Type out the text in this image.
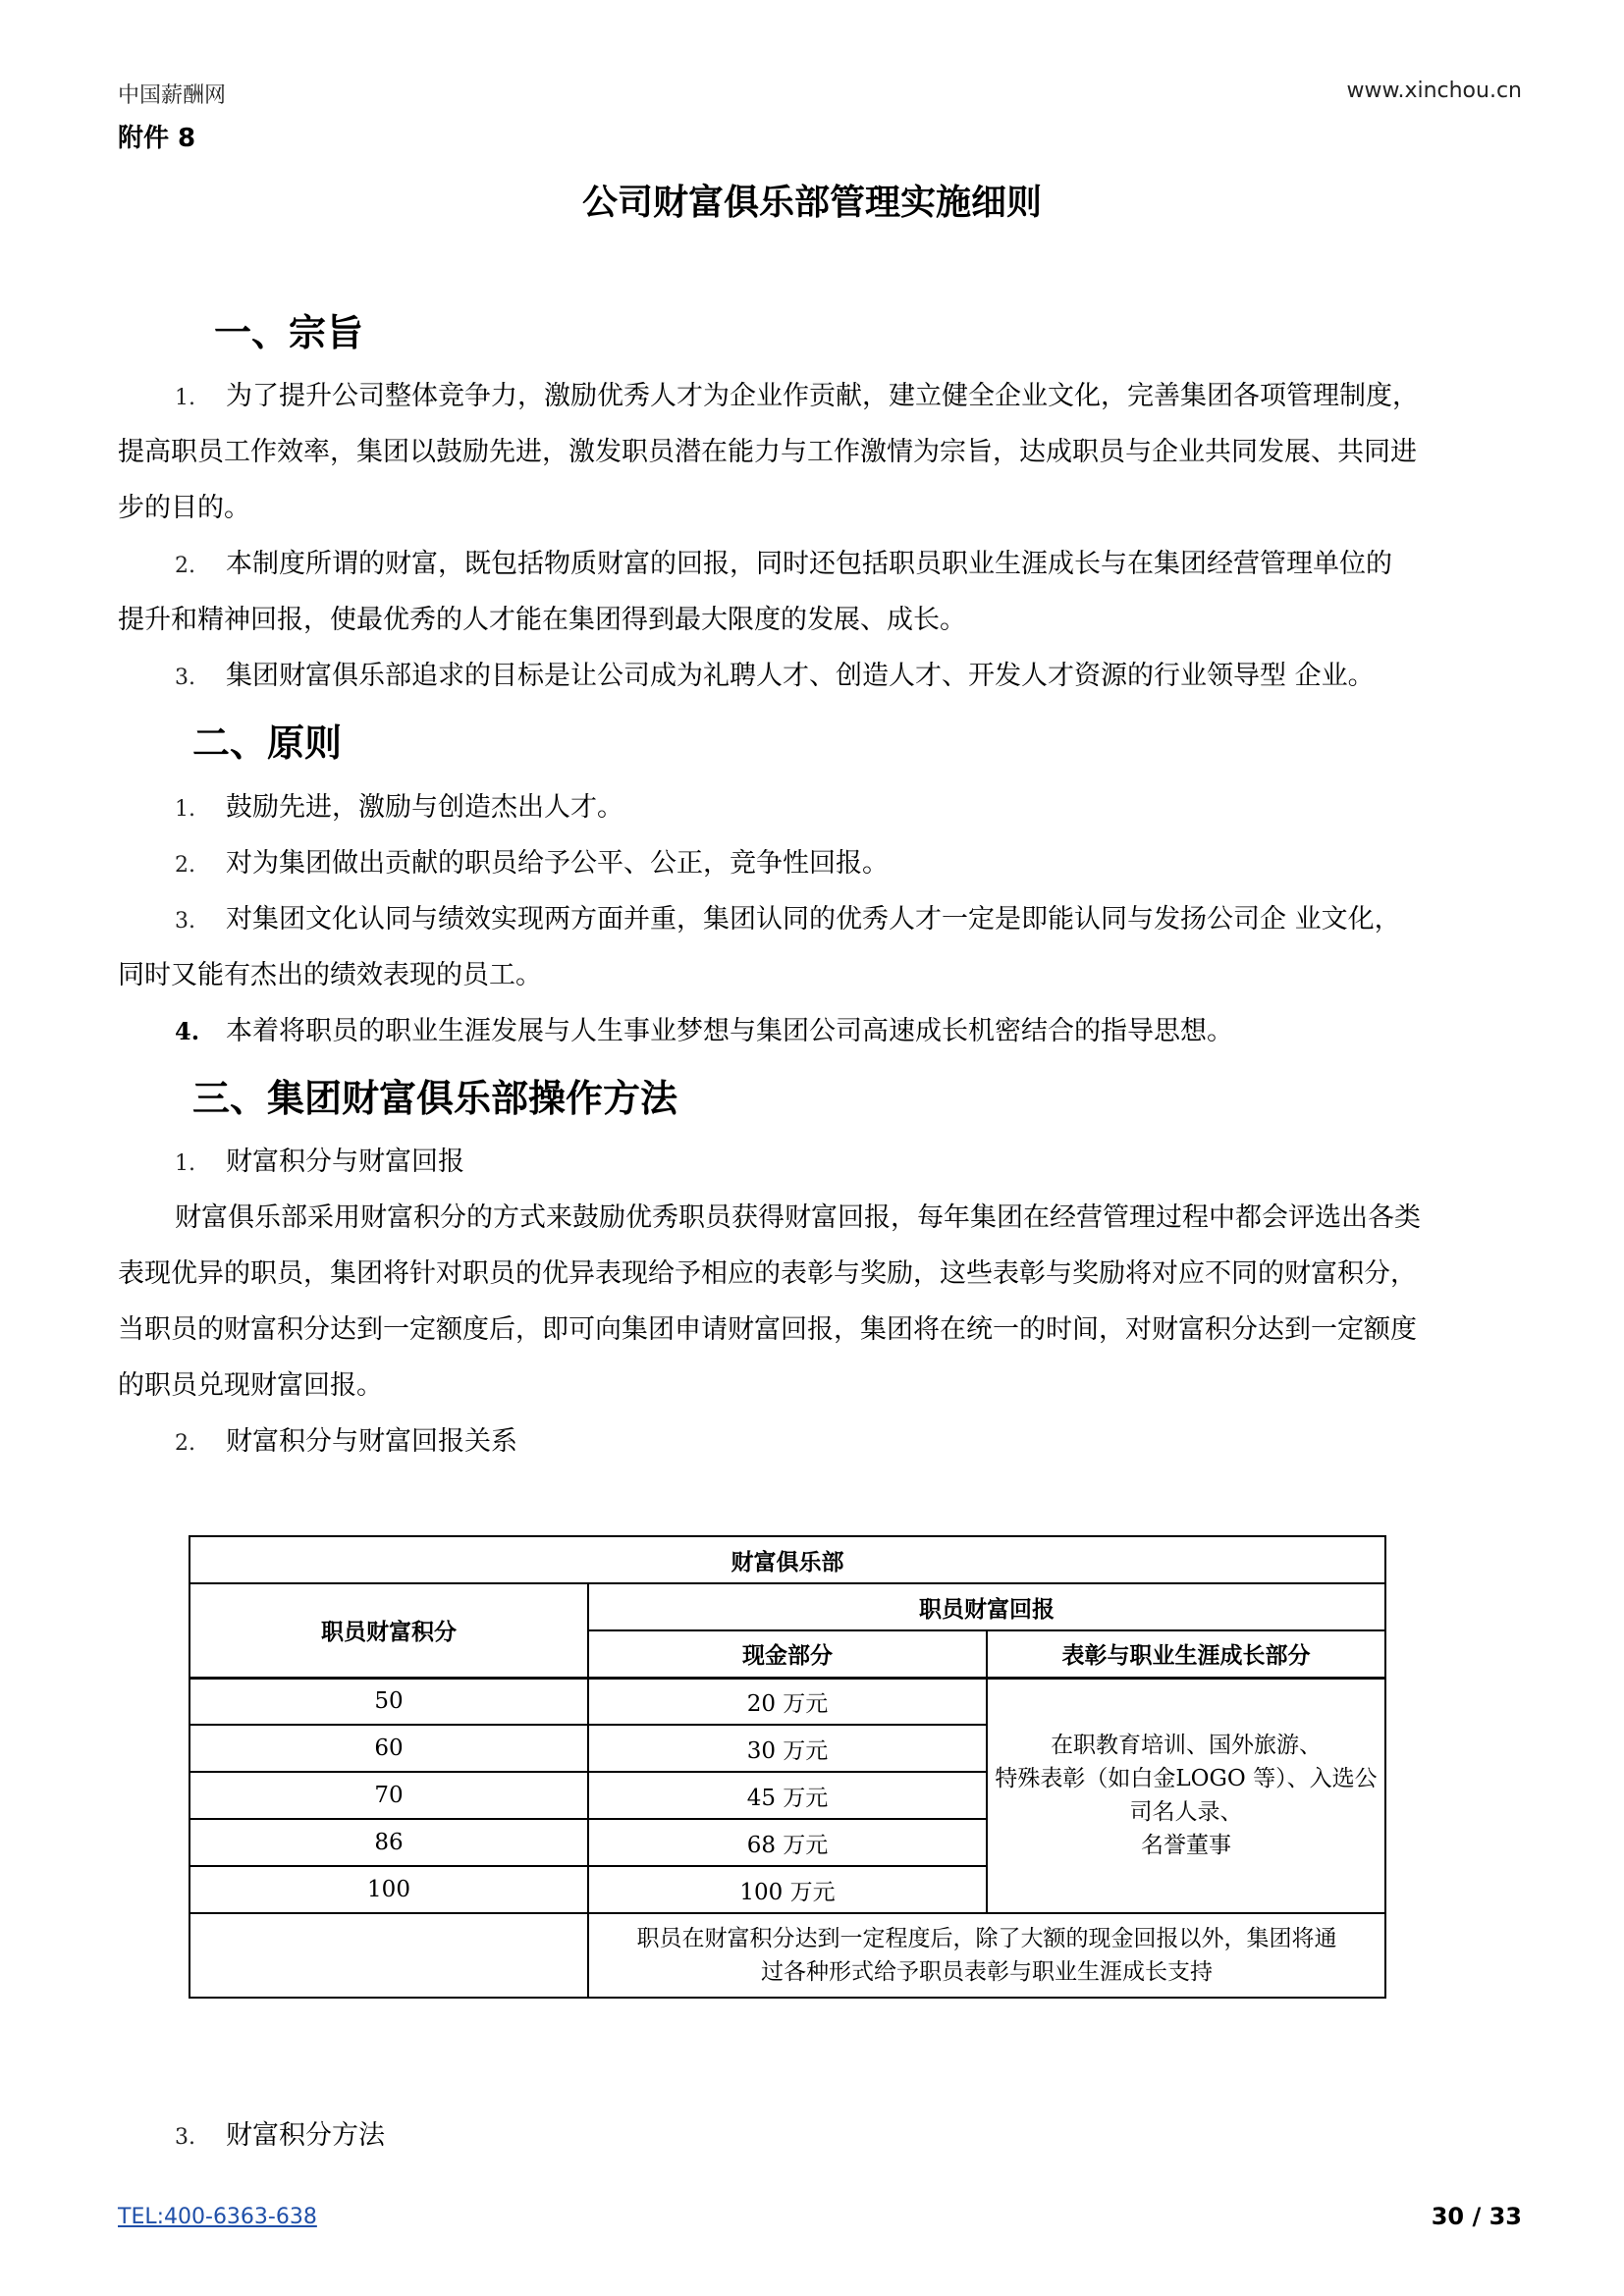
中国薪酬网	www.xinchou.cn
附件 8
公司财富俱乐部管理实施细则
一、宗旨
1. 为了提升公司整体竞争力，激励优秀人才为企业作贡献，建立健全企业文化，完善集团各项管理制度，
提高职员工作效率，集团以鼓励先进，激发职员潜在能力与工作激情为宗旨，达成职员与企业共同发展、共同进
步的目的。
2. 本制度所谓的财富，既包括物质财富的回报，同时还包括职员职业生涯成长与在集团经营管理单位的
提升和精神回报，使最优秀的人才能在集团得到最大限度的发展、成长。
3. 集团财富俱乐部追求的目标是让公司成为礼聘人才、创造人才、开发人才资源的行业领导型 企业。
二、原则
1. 鼓励先进，激励与创造杰出人才。
2. 对为集团做出贡献的职员给予公平、公正，竞争性回报。
3. 对集团文化认同与绩效实现两方面并重，集团认同的优秀人才一定是即能认同与发扬公司企 业文化，
同时又能有杰出的绩效表现的员工。
4. 本着将职员的职业生涯发展与人生事业梦想与集团公司高速成长机密结合的指导思想。
三、集团财富俱乐部操作方法
1. 财富积分与财富回报
财富俱乐部采用财富积分的方式来鼓励优秀职员获得财富回报，每年集团在经营管理过程中都会评选出各类
表现优异的职员，集团将针对职员的优异表现给予相应的表彰与奖励，这些表彰与奖励将对应不同的财富积分，
当职员的财富积分达到一定额度后，即可向集团申请财富回报，集团将在统一的时间，对财富积分达到一定额度
的职员兑现财富回报。
2. 财富积分与财富回报关系
财富俱乐部		
职员财富积分	职员财富回报	
	现金部分	表彰与职业生涯成长部分
50	20 万元	在职教育培训、国外旅游、
特殊表彰（如白金LOGO 等）、入选公
司名人录、
名誉董事

60	30 万元	
70	45 万元	
86	68 万元	
100	100 万元	

	职员在财富积分达到一定程度后，除了大额的现金回报以外，集团将通
过各种形式给予职员表彰与职业生涯成长支持	
3. 财富积分方法
TEL:400-6363-638	30 / 33
